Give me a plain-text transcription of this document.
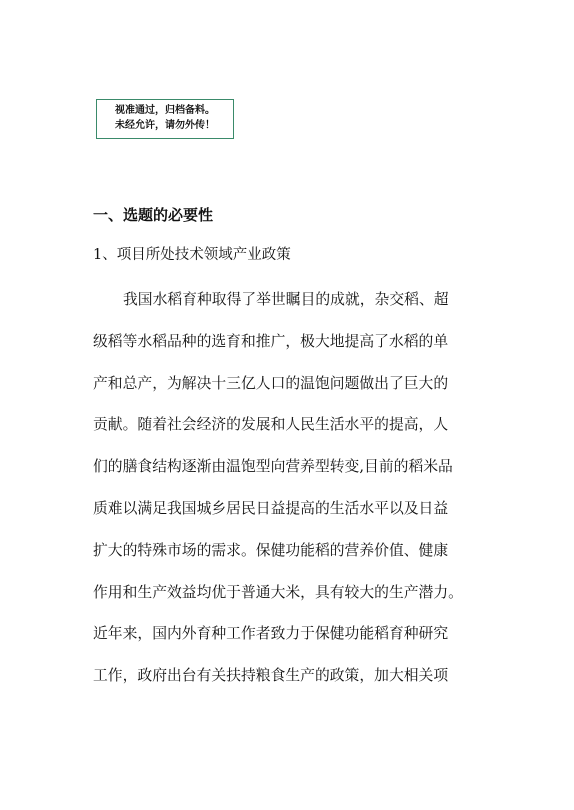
视准通过，归档备料。
未经允许，请勿外传！
一、选题的必要性
1、项目所处技术领域产业政策
我国水稻育种取得了举世瞩目的成就，杂交稻、超
级稻等水稻品种的选育和推广，极大地提高了水稻的单
产和总产，为解决十三亿人口的温饱问题做出了巨大的
贡献。随着社会经济的发展和人民生活水平的提高，人
们的膳食结构逐渐由温饱型向营养型转变,目前的稻米品
质难以满足我国城乡居民日益提高的生活水平以及日益
扩大的特殊市场的需求。保健功能稻的营养价值、健康
作用和生产效益均优于普通大米，具有较大的生产潜力。
近年来，国内外育种工作者致力于保健功能稻育种研究
工作，政府出台有关扶持粮食生产的政策，加大相关项
